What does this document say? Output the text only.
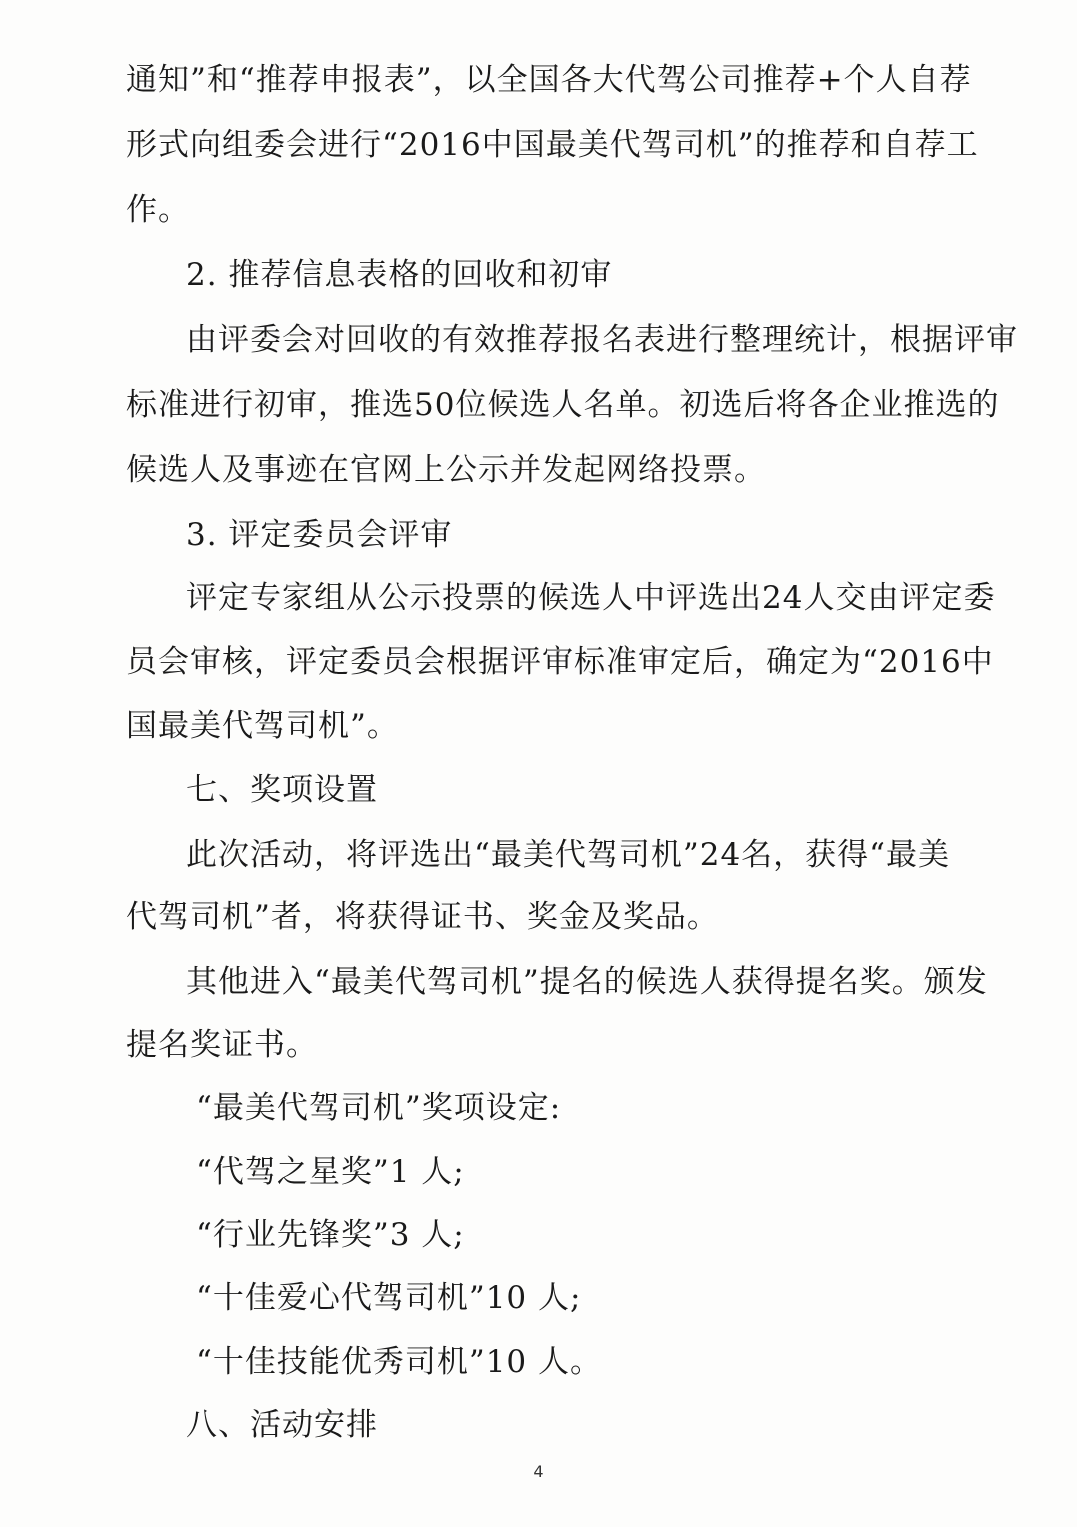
通 知 ” 和 “ 推 荐 申 报 表 ” ， 以 全 国 各 大 代 驾 公 司 推 荐 + 个 人 自 荐
形 式 向 组 委 会 进 行 “ 2016 中 国 最 美 代 驾 司 机 ” 的 推 荐 和 自 荐 工
作。
2. 推荐信息表格的回收和初审
由 评 委 会 对 回 收 的 有 效 推 荐 报 名 表 进 行 整 理 统 计 ， 根 据 评 审
标 准 进 行 初 审 ， 推 选 50 位 候 选 人 名 单 。 初 选 后 将 各 企 业 推 选 的
候选人及事迹在官网上公示并发起网络投票。
3. 评定委员会评审
评 定 专 家 组 从 公 示 投 票 的 候 选 人 中 评 选 出 24 人 交 由 评 定 委
员 会 审 核 ， 评 定 委 员 会 根 据 评 审 标 准 审 定 后 ， 确 定 为 “ 2016 中
国最美代驾司机”。
七、奖项设置
此 次 活 动 ， 将 评 选 出 “ 最 美 代 驾 司 机 ” 24 名 ， 获 得 “ 最 美
代驾司机”者，将获得证书、奖金及奖品。
其 他 进 入 “ 最 美 代 驾 司 机 ” 提 名 的 候 选 人 获 得 提 名 奖 。 颁 发
提名奖证书。
“最美代驾司机”奖项设定:
“代驾之星奖”1 人;
“行业先锋奖”3 人;
“十佳爱心代驾司机”10 人;
“十佳技能优秀司机”10 人。
八、活动安排
4
